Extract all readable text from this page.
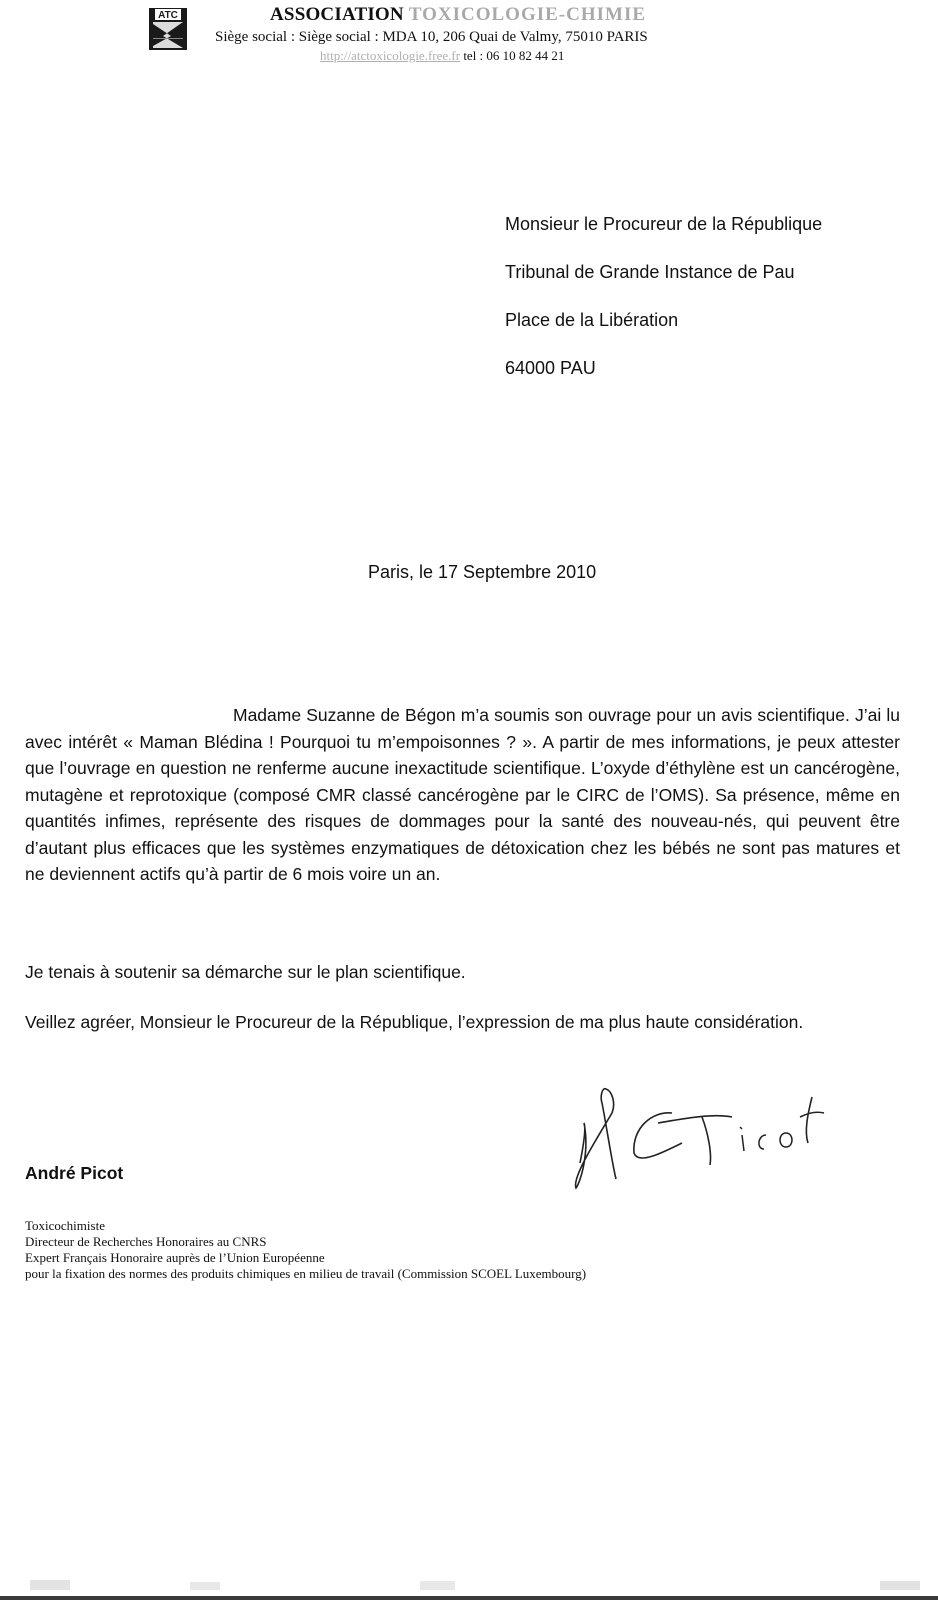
ATC	ASSOCIATION TOXICOLOGIE-CHIMIE
Siège social : Siège social : MDA 10, 206 Quai de Valmy, 75010 PARIS
http://atctoxicologie.free.fr tel : 06 10 82 44 21
Monsieur le Procureur de la République
Tribunal de Grande Instance de Pau
Place de la Libération
64000 PAU
Paris, le 17 Septembre 2010
Madame Suzanne de Bégon m’a soumis son ouvrage pour un avis scientifique. J’ai lu avec intérêt « Maman Blédina ! Pourquoi tu m’empoisonnes ? ». A partir de mes informations, je peux attester que l’ouvrage en question ne renferme aucune inexactitude scientifique. L’oxyde d’éthylène est un cancérogène, mutagène et reprotoxique (composé CMR classé cancérogène par le CIRC de l’OMS). Sa présence, même en quantités infimes, représente des risques de dommages pour la santé des nouveau-nés, qui peuvent être d’autant plus efficaces que les systèmes enzymatiques de détoxication chez les bébés ne sont pas matures et ne deviennent actifs qu’à partir de 6 mois voire un an.
Je tenais à soutenir sa démarche sur le plan scientifique.
Veillez agréer, Monsieur le Procureur de la République, l’expression de ma plus haute considération.
André Picot
Toxicochimiste
Directeur de Recherches Honoraires au CNRS
Expert Français Honoraire auprès de l’Union Européenne
pour la fixation des normes des produits chimiques en milieu de travail (Commission SCOEL Luxembourg)
